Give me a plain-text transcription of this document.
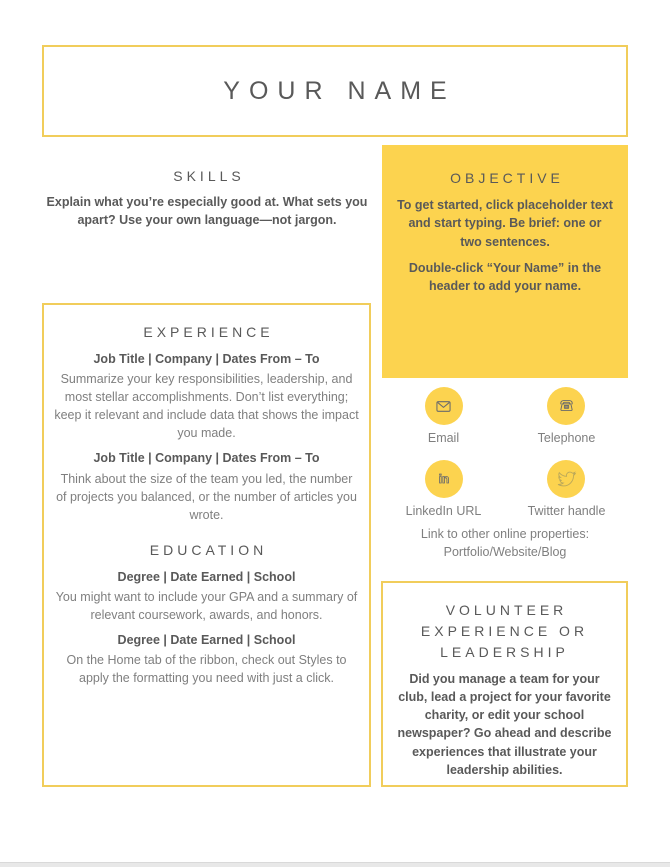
YOUR NAME
SKILLS
Explain what you’re especially good at. What sets you apart? Use your own language—not jargon.
EXPERIENCE
Job Title | Company | Dates From – To
Summarize your key responsibilities, leadership, and most stellar accomplishments. Don’t list everything; keep it relevant and include data that shows the impact you made.
Job Title | Company | Dates From – To
Think about the size of the team you led, the number of projects you balanced, or the number of articles you wrote.
EDUCATION
Degree | Date Earned | School
You might want to include your GPA and a summary of relevant coursework, awards, and honors.
Degree | Date Earned | School
On the Home tab of the ribbon, check out Styles to apply the formatting you need with just a click.
OBJECTIVE
To get started, click placeholder text and start typing. Be brief: one or two sentences.
Double-click “Your Name” in the header to add your name.
Email	Telephone
in
LinkedIn URL	Twitter handle
Link to other online properties:
Portfolio/Website/Blog
VOLUNTEER EXPERIENCE OR LEADERSHIP
Did you manage a team for your club, lead a project for your favorite charity, or edit your school newspaper? Go ahead and describe experiences that illustrate your leadership abilities.
